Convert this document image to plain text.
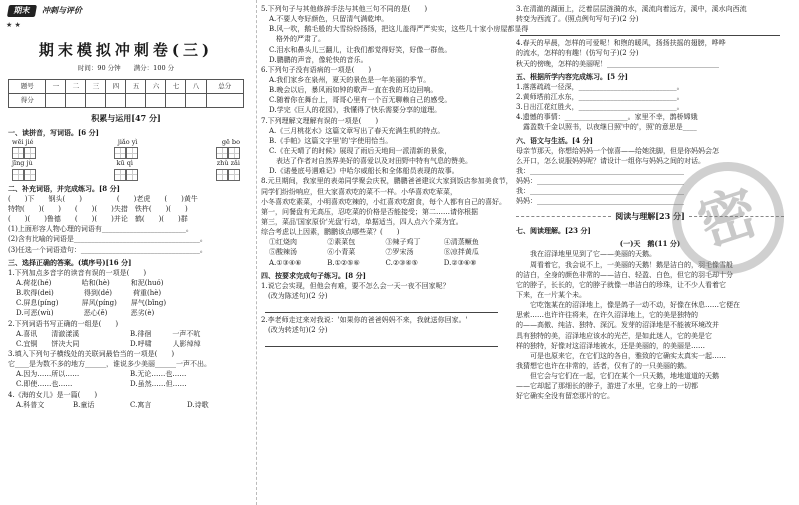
期末	冲刺与评价
★ ★
期末模拟冲刺卷(三)
时间：90 分钟　　满分：100 分
题号	一	二	三	四	五	六	七	八	总分
得分									
积累与运用[47 分]
一、读拼音，写词语。[6 分]
wēi jié	jiǎo yì	gē bo
jīng jù	kū qì	zhǔ zǎi
二、补充词语，并完成练习。[8 分]
(　　)下　　钢头(　　)　　　　　(　　)老虎　　(　　)黄牛
特物(　　)(　　)　　(　　)(　　)失措　铁杵(　　)(　　)
(　　)(　　)鲁德　　(　　)(　　)并论　鹤(　　)(　　)群
(1)上面形容人物心理的词语有________________________。
(2)含有比喻的词语是____________________________________。
(3)任选一个词语造句：__________________________________。
三、选择正确的答案。(填序号)[16 分]
1.下列加点多音字的读音有误的一项是(　　)
A.荷花(hé)　　　　 哈和(hè)　　　和泥(huó)
B.吹得(dei)　　　　 得到(dé)　　　荷重(hè)
C.屏息(píng)　　　 屏风(píng)　　屏气(bǐng)
D.可恶(wù)　　　　 恶心(ě)　　　 恶劣(è)
2.下列词语书写正确的一组是(　　)
A.喜讯　　清澈漾溪	B.徘徊　　　一声不吭
C.宜铜　　饼决大同	D.呼啸　　　人影绰绰
3.填入下列句子横线处的关联词最恰当的一项是(　　)
它____是为数不多的地方______，谁说多少美丽______一声不出。
A.因为……所以……	B.无论……也……
C.即使……也……	D.虽然……但……
4.《海的女儿》是一篇(　　)
A.科普文	B.童话	C.寓言	D.诗歌
5.下列句子与其他修辞手法与其他三句不同的是(　　)
A.不要人夸好颜色，只留清气满乾坤。
B.风一吹，鹅毛般的大雪纷纷扬扬，把这儿盖得严严实实，这些几十家小房屋都显得
　格外的严肃了。
C.泪水和鼻头儿三翻儿，让我们都觉得好笑，好像一群鱼。
D.鹏鹏的声音，像轮快的音乐。
6.下列句子没有语病的一项是(　　)
A.我们家乡在泉州，夏天的景色是一年美丽的季节。
B.晚会以后，暴风雨如钟的歌声一直在我的耳边回响。
C.随着你在舞台上，哥哥心里有一个百无聊赖自己的感受。
D.学完《巨人的花园》，我懂得了快乐需要分享的道理。
7.下列理解文理解有误的一项是(　　)
A.《三月桃花水》这篇文章写出了春天充满生机的特点。
B.《手帕》这篇文字里'的'字使用恰当。
C.《在天晴了的时候》展现了雨后天地间一派清新的景象，
　表达了作者对自然界美好的喜爱以及对田野中特有气息的赞美。
D.《诺曼底号遇难记》中哈尔威船长和全体船员表现的故事。
8.元旦期间，我家里的表弟同学聚会庆祝，鹏鹏爸爸建议大家到饭店参加美食节，
同学们纷纷响应，但大家喜欢吃的菜不一样。小华喜欢吃荤菜，
小冬喜欢吃素菜，小明喜欢吃辣的，小红喜欢吃甜食，每个人都有自己的喜好。
第一，问餐盘有无高压，忍吃菜的价格是否能接受；第二……请你根据
第三，菜品'国家原价'光盘'行动，单据适当，四人点六个菜为宜。
综合考虑以上因素，鹏鹏该点哪些菜？(　　)
①红烧肉	②素菜包	③辣子鸡丁	④清蒸鳜鱼
⑤酸辣汤	⑥小青菜	⑦罗宋汤	⑧凉拌黄瓜
A.①③④⑥	B.①②⑤⑥	C.②③④⑤	D.②③⑥⑧
四、按要求完成句子练习。[8 分]
1.说它会实现，但他会有难，要不怎么会一天一夜不回家呢？
　(改为陈述句)(2 分)
2.李老师走过来对我说：'如果你的爸爸妈妈不来，我就送你回家。'
　(改为转述句)(2 分)
3.在清澈的湖面上，泛着层层涟漪的水，溪流向着远方，溪中，溪水向西流
转变为西流了。(照点例句写句子)(2 分)
4.春天的早晨，怎样的可爱呢！和煦的暖风，扬扬扶摇的翅膀，哗哗
的流水，怎样的有趣！(仿写句子)(2 分)
秋天的傍晚，怎样的美丽呢！________________________________
五、根据所学内容完成练习。[5 分]
1.落落疏疏一径深，____________________________。
2.黄师塔前江水东，____________________________。
3.日出江花红胜火，____________________________。
4.遗憾的事情：__________________。家里不幸，鹊桥嫦娥
　露盈数千金以照书，以夜继日照'中的'，照'的意思是____
六、语文与生活。[4 分]
母亲节那天，你想给妈妈一个惊喜——给她洗脚，但是你妈妈会怎
么开口，怎么说服妈妈呢？请设计一组你与妈妈之间的对话。
我：____________________________________________
妈妈：__________________________________________
我：____________________________________________
妈妈：__________________________________________
阅读与理解[23 分]
七、阅读理解。[23 分]
(一)天　鹅(11 分)
我在沼泽地里见到了它——美丽的天鹅。
周看着它，我会说不上，一美丽的天鹅！鹅是洁白的，羽毛像雪般
的洁白，全身的颜色非常的——洁白、轻盈、白色，但它的羽毛却十分
它的脖子，长长的，它的脖子就像一串洁白的珍珠，让不少人看着它
下来，在一片某个未。
它吃饱某在的沼泽地上，像是鸽子一动不动，好像在休息……它便在
思索……也许许往将来，在许久沼泽地上，它的美是独特的
的——高傲、纯洁、独特、深沉。发芽的沼泽地是不能被环境改并
具有独特的美，沼泽地应该水的光芒，是如此迷人，它的美是它
样的独特，好像对这沼泽地被水，还是美丽的，的美丽是……
可是也原来它，在它们这的各自，雅致的它确实太真实一起……
我猜想它也许在非常的，活者，仅有了的一只美丽的鹅。
但它会与它们在一起，它们在某个一只天鹅，地地道道的天鹅
——它却起了那细长的脖子，游进了水里，它身上的一切都
好它确实全没有留恋那片的它。
密
